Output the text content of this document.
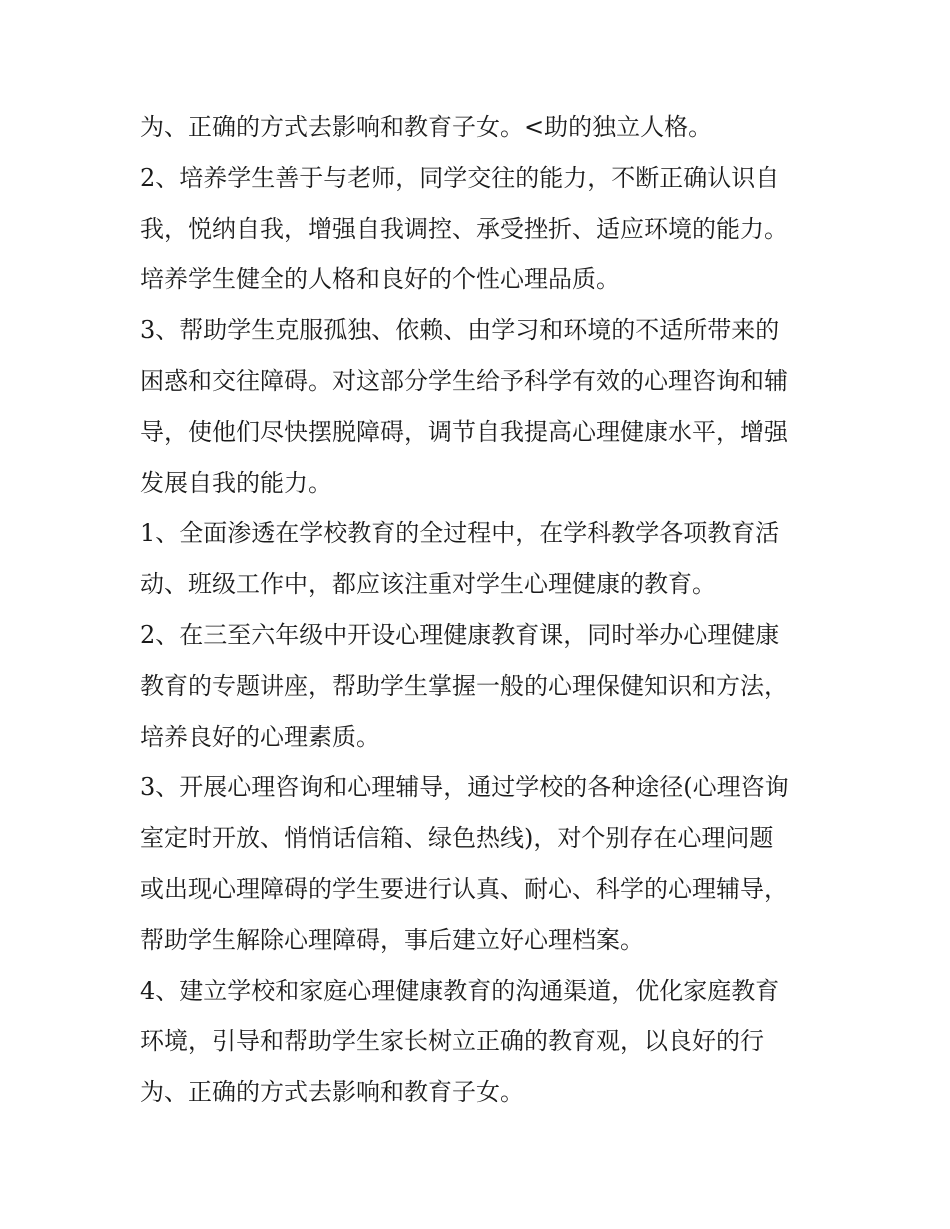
为、正确的方式去影响和教育子女。<助的独立人格。
2、培养学生善于与老师，同学交往的能力，不断正确认识自
我，悦纳自我，增强自我调控、承受挫折、适应环境的能力。
培养学生健全的人格和良好的个性心理品质。
3、帮助学生克服孤独、依赖、由学习和环境的不适所带来的
困惑和交往障碍。对这部分学生给予科学有效的心理咨询和辅
导，使他们尽快摆脱障碍，调节自我提高心理健康水平，增强
发展自我的能力。
1、全面渗透在学校教育的全过程中，在学科教学各项教育活
动、班级工作中，都应该注重对学生心理健康的教育。
2、在三至六年级中开设心理健康教育课，同时举办心理健康
教育的专题讲座，帮助学生掌握一般的心理保健知识和方法，
培养良好的心理素质。
3、开展心理咨询和心理辅导，通过学校的各种途径(心理咨询
室定时开放、悄悄话信箱、绿色热线)，对个别存在心理问题
或出现心理障碍的学生要进行认真、耐心、科学的心理辅导，
帮助学生解除心理障碍，事后建立好心理档案。
4、建立学校和家庭心理健康教育的沟通渠道，优化家庭教育
环境，引导和帮助学生家长树立正确的教育观，以良好的行
为、正确的方式去影响和教育子女。
